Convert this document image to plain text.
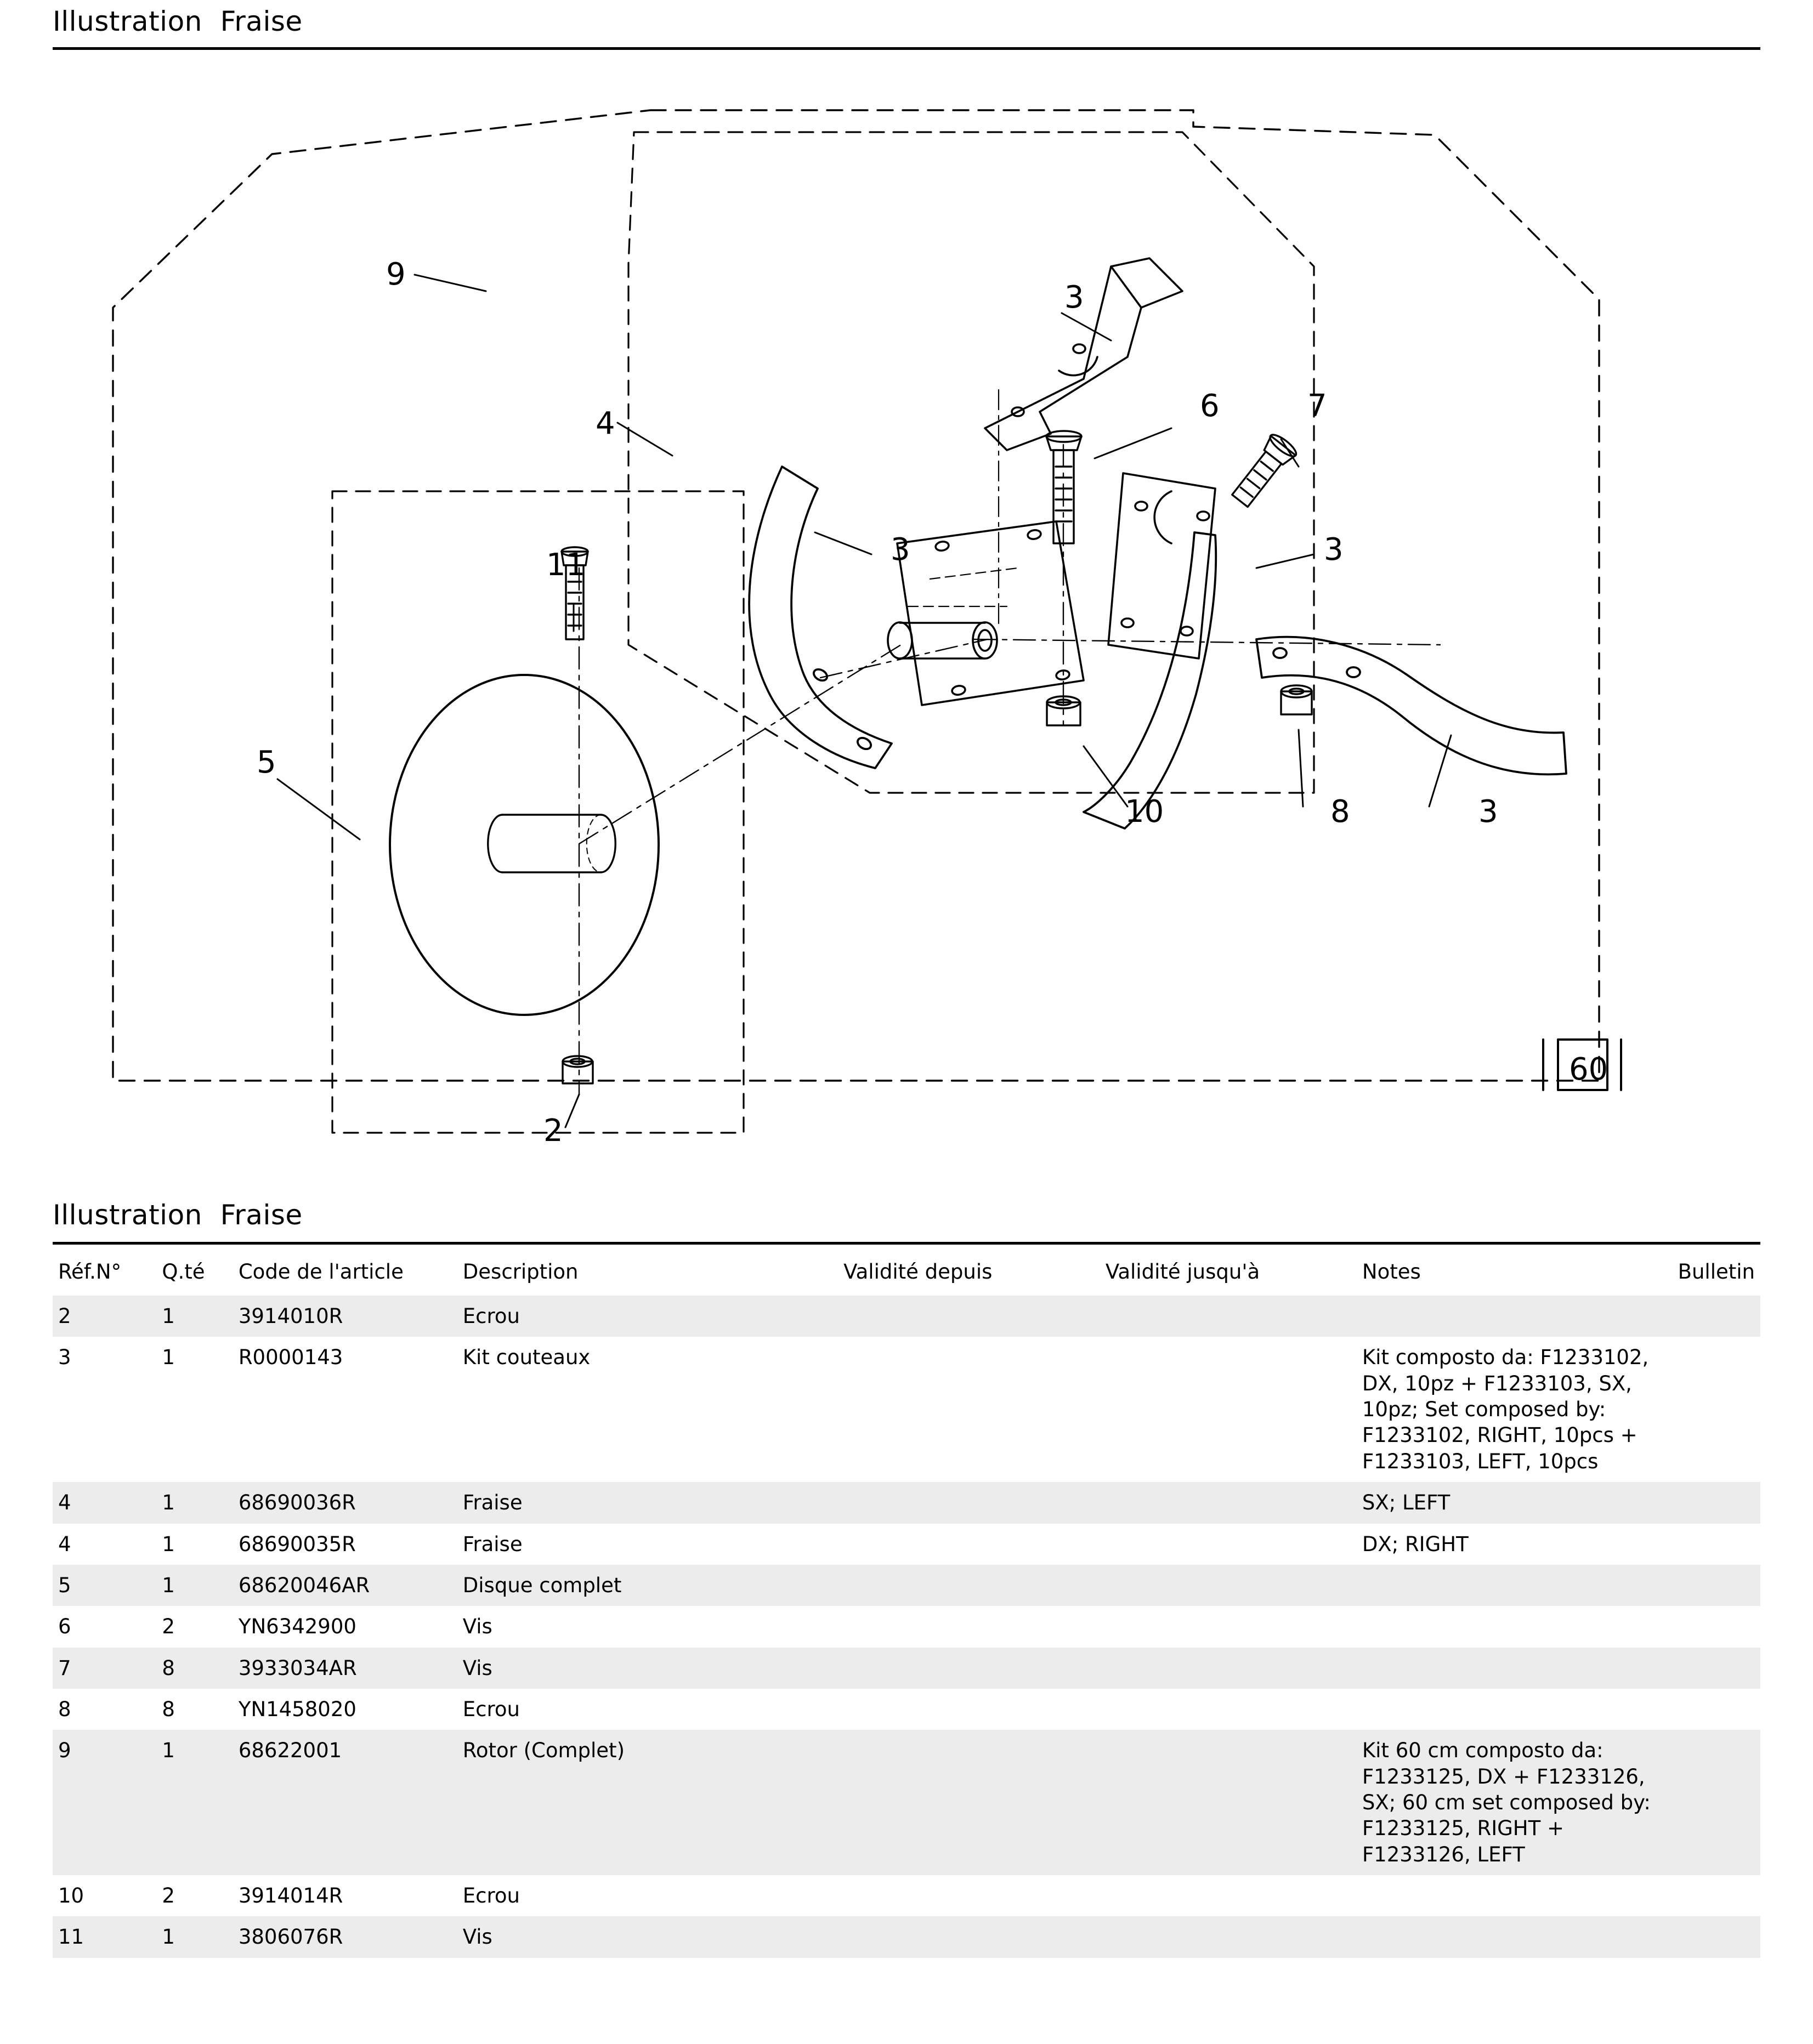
Illustration  Fraise
9
4
11
5
2
3
3	3
3
6	7
8
10
60
Illustration  Fraise
Réf.N°	Q.té	Code de l'article	Description	Validité depuis	Validité jusqu'à	Notes	Bulletin
2	1	3914010R	Ecrou				
3	1	R0000143	Kit couteaux			Kit composto da: F1233102, DX, 10pz + F1233103, SX, 10pz; Set composed by: F1233102, RIGHT, 10pcs + F1233103, LEFT, 10pcs	
4	1	68690036R	Fraise			SX; LEFT	
4	1	68690035R	Fraise			DX; RIGHT	
5	1	68620046AR	Disque complet				
6	2	YN6342900	Vis				
7	8	3933034AR	Vis				
8	8	YN1458020	Ecrou				
9	1	68622001	Rotor (Complet)			Kit 60 cm composto da: F1233125, DX + F1233126, SX; 60 cm set composed by: F1233125, RIGHT + F1233126, LEFT	
10	2	3914014R	Ecrou				
11	1	3806076R	Vis				
